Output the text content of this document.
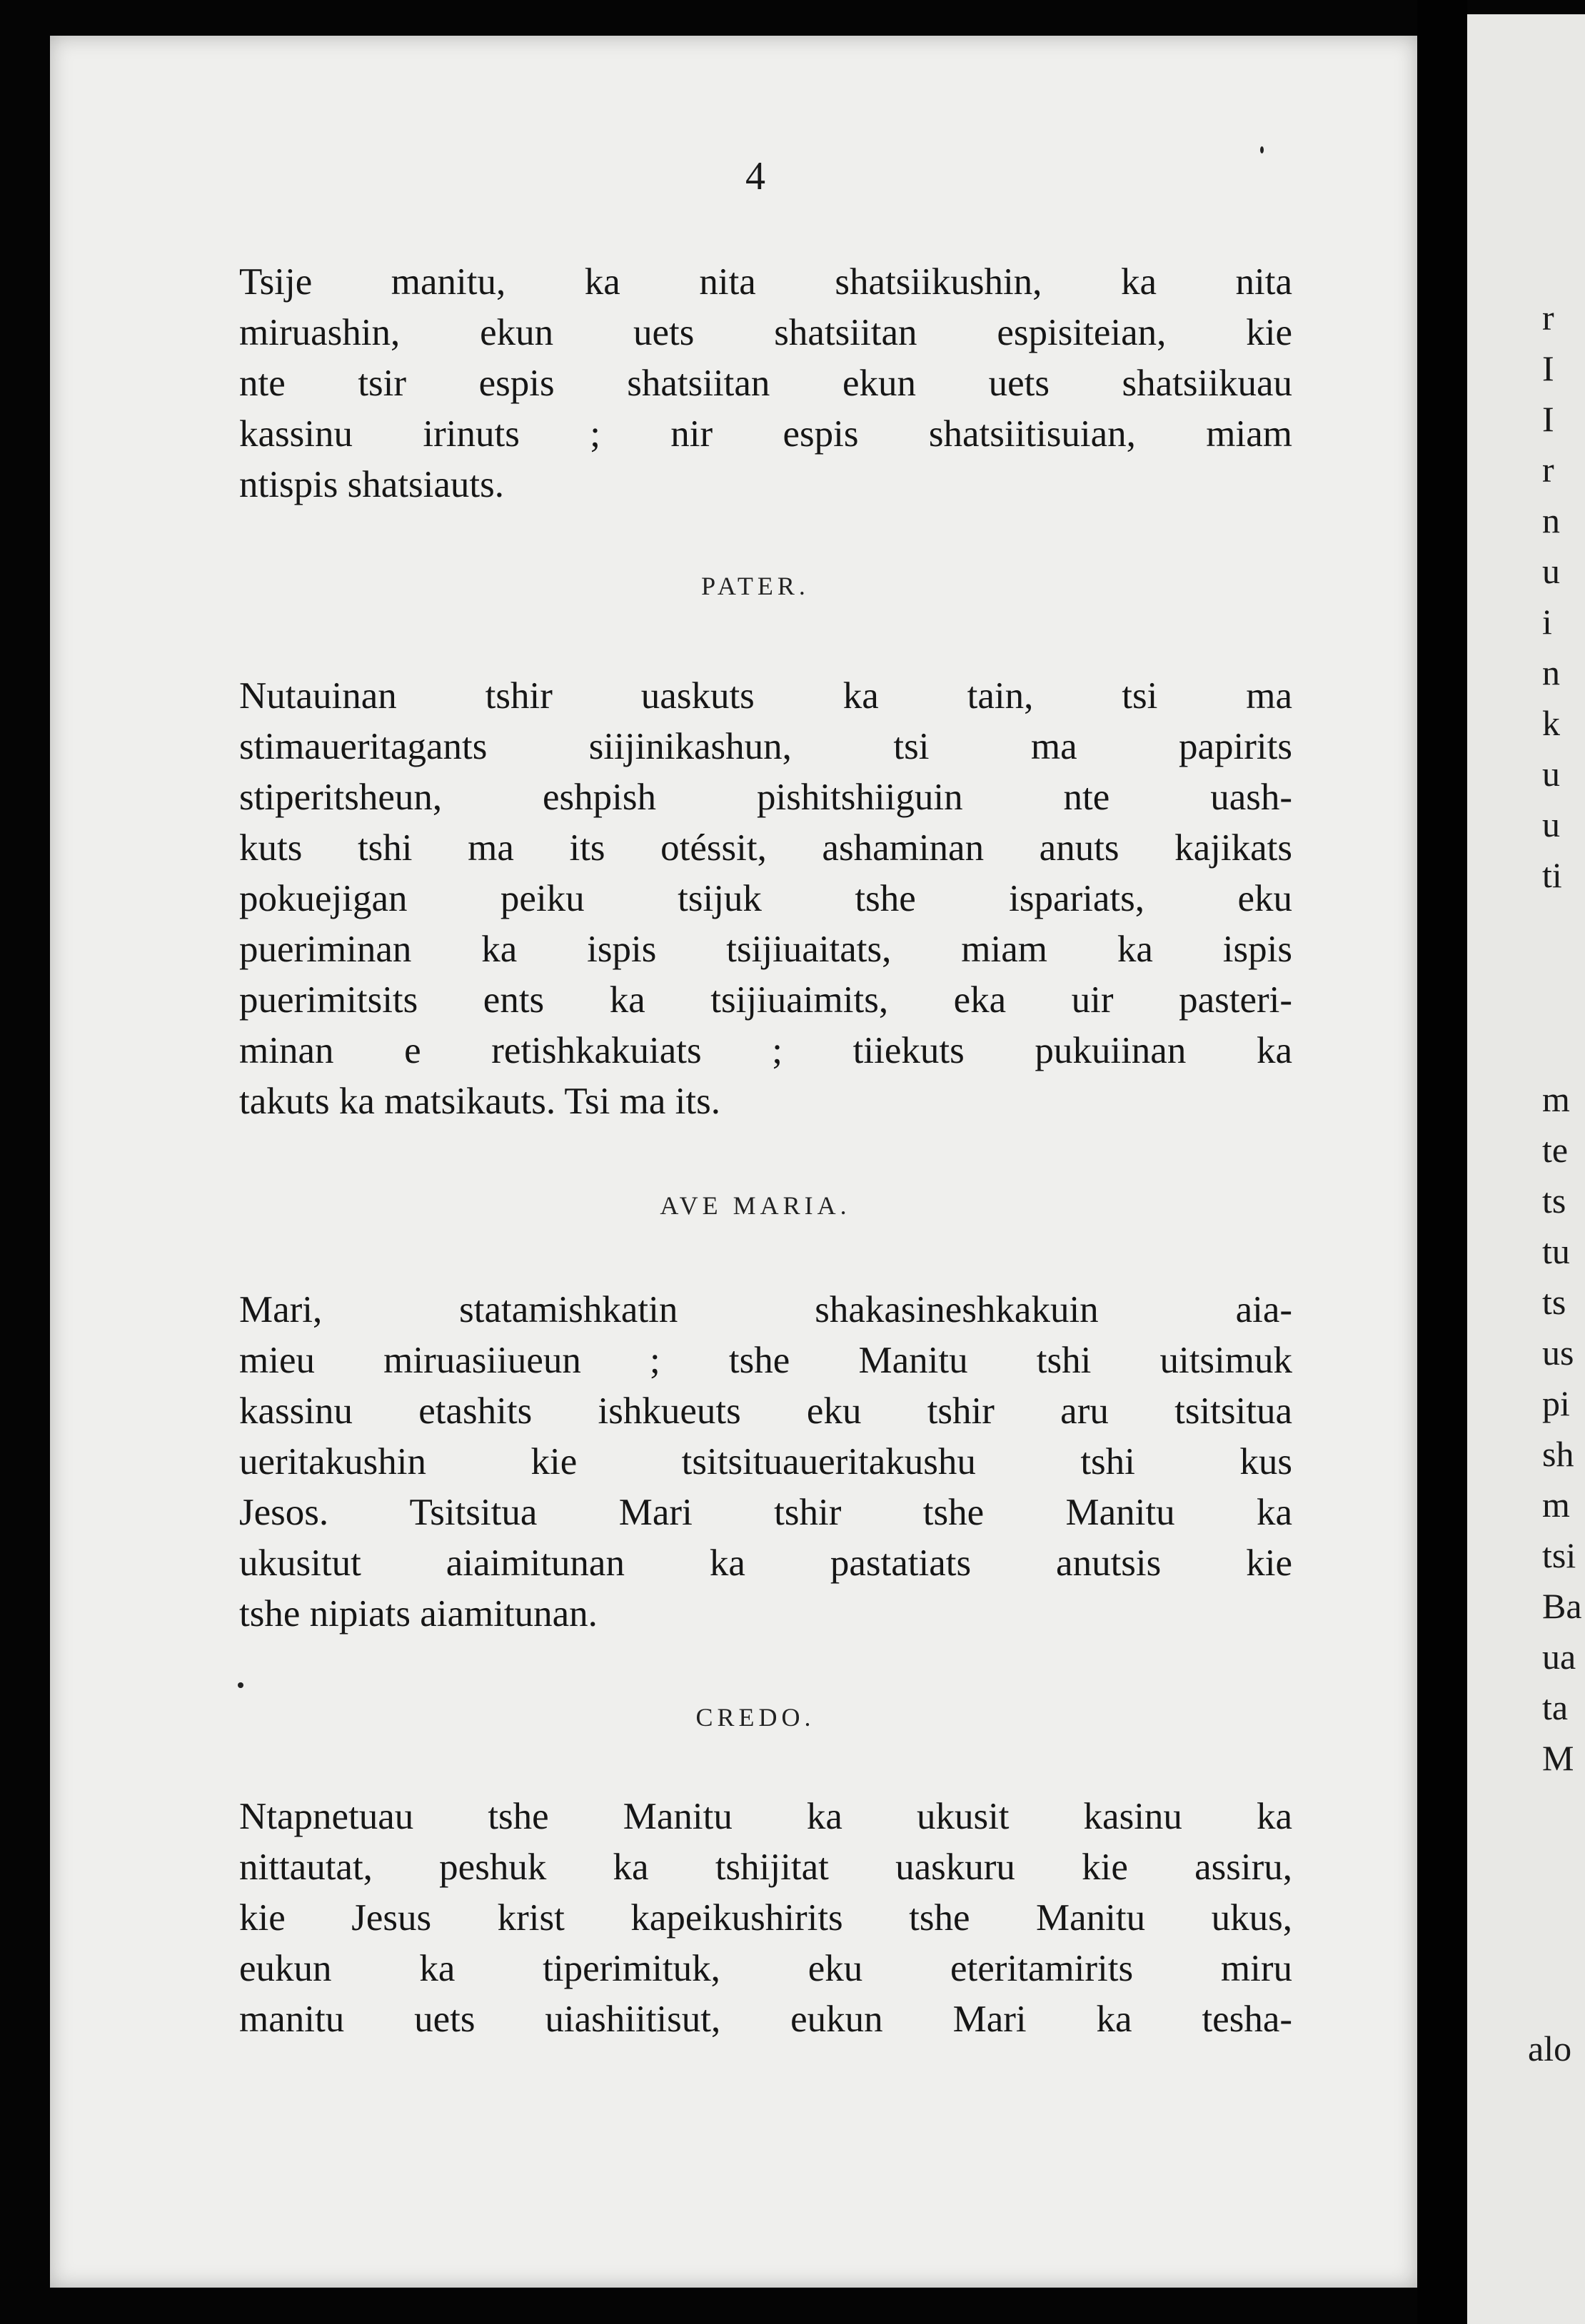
4

Tsije manitu, ka nita shatsiikushin, ka nita
miruashin, ekun uets shatsiitan espisiteian, kie
nte tsir espis shatsiitan ekun uets shatsiikuau
kassinu irinuts ; nir espis shatsiitisuian, miam
ntispis shatsiauts.

PATER.

Nutauinan tshir uaskuts ka tain, tsi ma
stimaueritagants siijinikashun, tsi ma papirits
stiperitsheun, eshpish pishitshiiguin nte uash-
kuts tshi ma its otéssit, ashaminan anuts kajikats
pokuejigan peiku tsijuk tshe ispariats, eku
pueriminan ka ispis tsijiuaitats, miam ka ispis
puerimitsits ents ka tsijiuaimits, eka uir pasteri-
minan e retishkakuiats ; tiiekuts pukuiinan ka
takuts ka matsikauts. Tsi ma its.

AVE MARIA.

Mari, statamishkatin shakasineshkakuin aia-
mieu miruasiiueun ; tshe Manitu tshi uitsimuk
kassinu etashits ishkueuts eku tshir aru tsitsitua
ueritakushin kie tsitsituaueritakushu tshi kus
Jesos. Tsitsitua Mari tshir tshe Manitu ka
ukusitut aiaimitunan ka pastatiats anutsis kie
tshe nipiats aiamitunan.

CREDO.

Ntapnetuau tshe Manitu ka ukusit kasinu ka
nittautat, peshuk ka tshijitat uaskuru kie assiru,
kie Jesus krist kapeikushirits tshe Manitu ukus,
eukun ka tiperimituk, eku eteritamirits miru
manitu uets uiashiitisut, eukun Mari ka tesha-

r
I
I
r
n
u
i
n
k
u
u
ti
m
te
ts
tu
ts
us
pi
sh
m
tsi
Ba
ua
ta
M
alo
